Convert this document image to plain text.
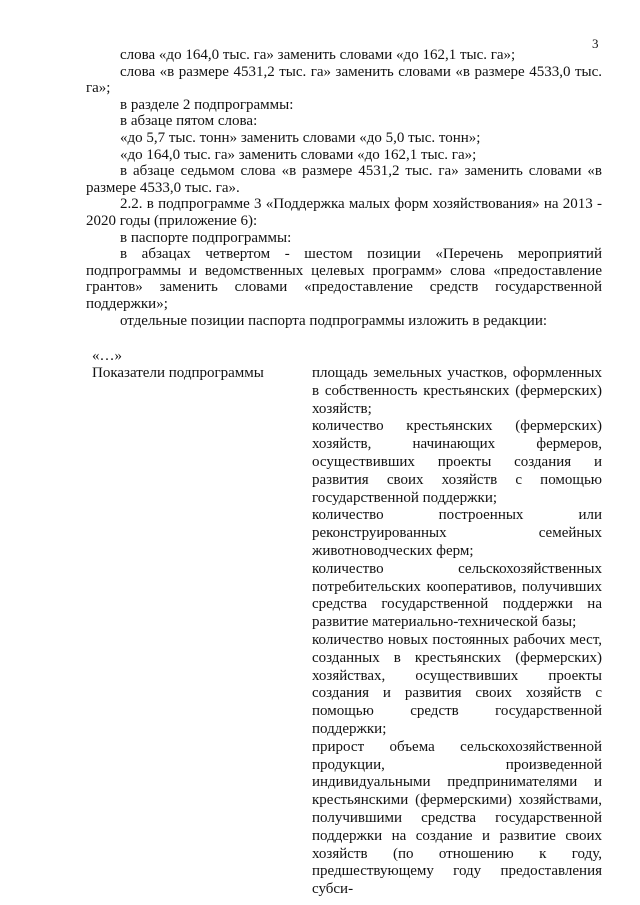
3

слова «до 164,0 тыс. га» заменить словами «до 162,1 тыс. га»;

слова «в размере 4531,2 тыс. га» заменить словами «в размере 4533,0 тыс. га»;

в разделе 2 подпрограммы:

в абзаце пятом слова:

«до 5,7 тыс. тонн» заменить словами «до 5,0 тыс. тонн»;

«до 164,0 тыс. га» заменить словами «до 162,1 тыс. га»;

в абзаце седьмом слова «в размере 4531,2 тыс. га» заменить словами «в размере 4533,0 тыс. га».

2.2. в подпрограмме 3 «Поддержка малых форм хозяйствования» на 2013 - 2020 годы (приложение 6):

в паспорте подпрограммы:

в абзацах четвертом - шестом позиции «Перечень мероприятий подпрограммы и ведомственных целевых программ» слова «предоставление грантов» заменить словами «предоставление средств государственной поддержки»;

отдельные позиции паспорта подпрограммы изложить в редакции:

«…»
Показатели подпрограммы	площадь земельных участков, оформленных в собственность крестьянских (фермерских) хозяйств;

количество крестьянских (фермерских) хозяйств, начинающих фермеров, осуществивших проекты создания и развития своих хозяйств с помощью государственной поддержки;

количество построенных или реконструированных семейных животноводческих ферм;

количество сельскохозяйственных потребительских кооперативов, получивших средства государственной поддержки на развитие материально-технической базы;

количество новых постоянных рабочих мест, созданных в крестьянских (фермерских) хозяйствах, осуществивших проекты создания и развития своих хозяйств с помощью средств государственной поддержки;

прирост объема сельскохозяйственной продукции, произведенной индивидуальными предпринимателями и крестьянскими (фермерскими) хозяйствами, получившими средства государственной поддержки на создание и развитие своих хозяйств (по отношению к году, предшествующему году предоставления субси-
